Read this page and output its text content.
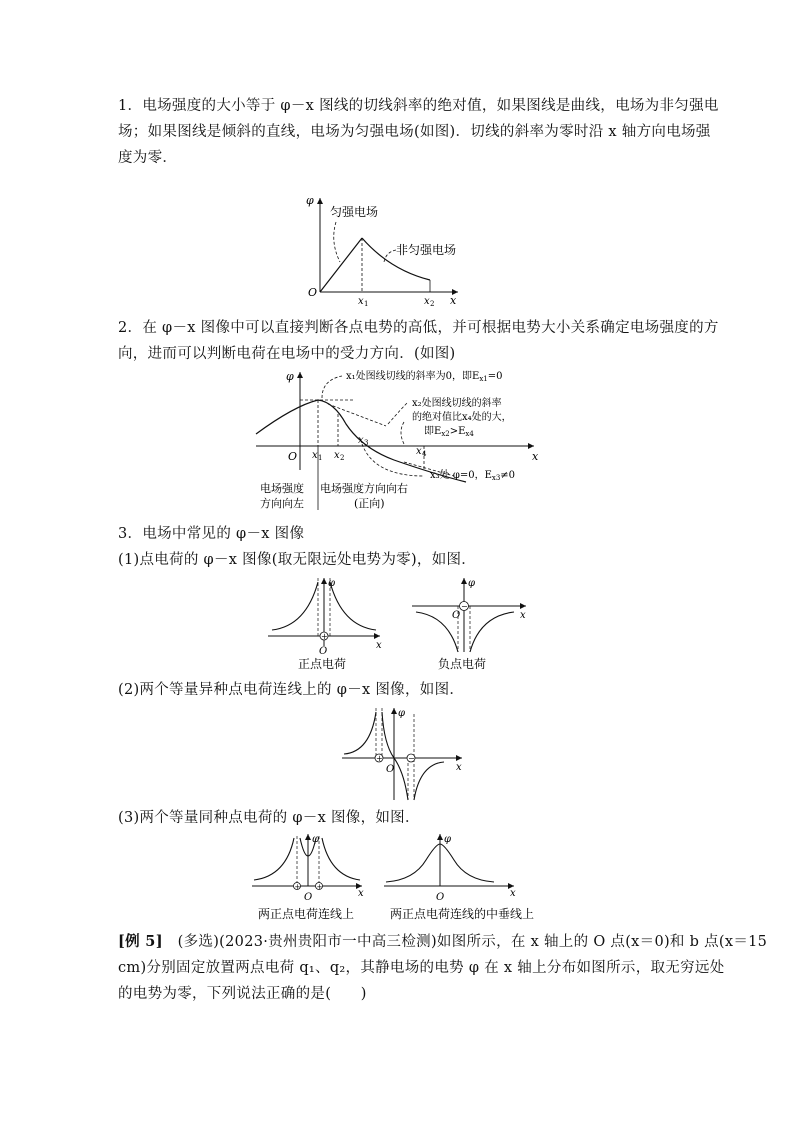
1．电场强度的大小等于 φ－x 图线的切线斜率的绝对值，如果图线是曲线，电场为非匀强电
场；如果图线是倾斜的直线，电场为匀强电场(如图)．切线的斜率为零时沿 x 轴方向电场强
度为零．
φ
O
x
x 1	x 2
匀强电场
非匀强电场
2．在 φ－x 图像中可以直接判断各点电势的高低，并可根据电势大小关系确定电场强度的方
向，进而可以判断电荷在电场中的受力方向．(如图)
φ
O	x
x 1 x 2
x 3
x 4
x₁处图线切线的斜率为0，即$E_{x1}=0$
x₂处图线切线的斜率
的绝对值比x₄处的大，
即$E_{x2}>E_{x4}$
x₃处 φ=0，$E_{x3}\ne 0$
电场强度
方向向左
电场强度方向向右
(正向)
3．电场中常见的 φ－x 图像
(1)点电荷的 φ－x 图像(取无限远处电势为零)，如图．
φ
x
+
O
正点电荷
φ
x
−
O
负点电荷
(2)两个等量异种点电荷连线上的 φ－x 图像，如图．
φ
x
O
+	−
(3)两个等量同种点电荷的 φ－x 图像，如图．
φ
x
O
+ +
两正点电荷连线上
φ
x
O
两正点电荷连线的中垂线上
[例 5]  (多选)(2023·贵州贵阳市一中高三检测)如图所示，在 x 轴上的 O 点(x＝0)和 b 点(x＝15
cm)分别固定放置两点电荷 q₁、q₂，其静电场的电势 φ 在 x 轴上分布如图所示，取无穷远处
的电势为零，下列说法正确的是(　　)
